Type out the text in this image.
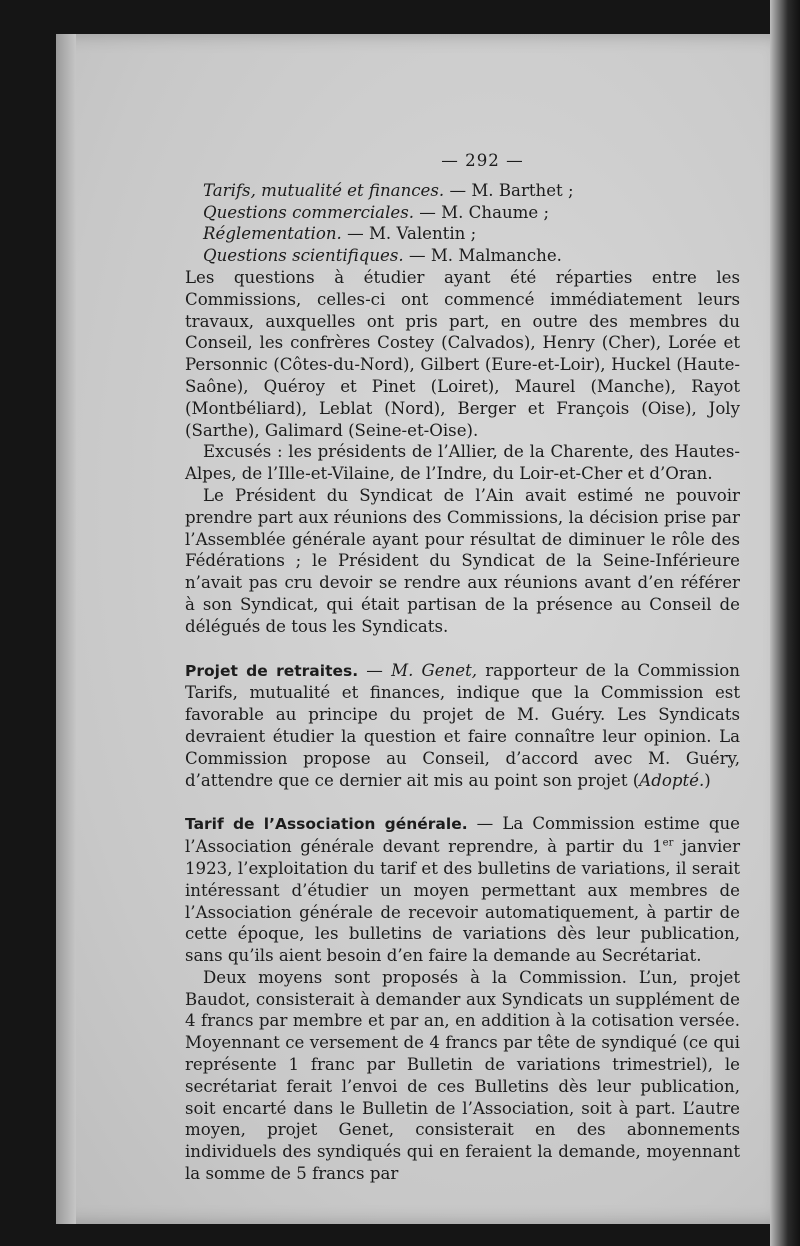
— 292 —

Tarifs, mutualité et finances. — M. Barthet ;

Questions commerciales. — M. Chaume ;

Réglementation. — M. Valentin ;

Questions scientifiques. — M. Malmanche.

Les questions à étudier ayant été réparties entre les Commissions, celles-ci ont commencé immédiatement leurs travaux, auxquelles ont pris part, en outre des membres du Conseil, les confrères Costey (Calvados), Henry (Cher), Lorée et Personnic (Côtes-du-Nord), Gilbert (Eure-et-Loir), Huckel (Haute-Saône), Quéroy et Pinet (Loiret), Maurel (Manche), Rayot (Montbéliard), Leblat (Nord), Berger et François (Oise), Joly (Sarthe), Galimard (Seine-et-Oise).

Excusés : les présidents de l’Allier, de la Charente, des Hautes-Alpes, de l’Ille-et-Vilaine, de l’Indre, du Loir-et-Cher et d’Oran.

Le Président du Syndicat de l’Ain avait estimé ne pouvoir prendre part aux réunions des Commissions, la décision prise par l’Assemblée générale ayant pour résultat de diminuer le rôle des Fédérations ; le Président du Syndicat de la Seine-Inférieure n’avait pas cru devoir se rendre aux réunions avant d’en référer à son Syndicat, qui était partisan de la présence au Conseil de délégués de tous les Syndicats.

Projet de retraites. — M. Genet, rapporteur de la Commission Tarifs, mutualité et finances, indique que la Commission est favorable au principe du projet de M. Guéry. Les Syndicats devraient étudier la question et faire connaître leur opinion. La Commission propose au Conseil, d’accord avec M. Guéry, d’attendre que ce dernier ait mis au point son projet (Adopté.)

Tarif de l’Association générale. — La Commission estime que l’Association générale devant reprendre, à partir du 1er janvier 1923, l’exploitation du tarif et des bulletins de variations, il serait intéressant d’étudier un moyen permettant aux membres de l’Association générale de recevoir automatiquement, à partir de cette époque, les bulletins de variations dès leur publication, sans qu’ils aient besoin d’en faire la demande au Secrétariat.

Deux moyens sont proposés à la Commission. L’un, projet Baudot, consisterait à demander aux Syndicats un supplément de 4 francs par membre et par an, en addition à la cotisation versée. Moyennant ce versement de 4 francs par tête de syndiqué (ce qui représente 1 franc par Bulletin de variations trimestriel), le secrétariat ferait l’envoi de ces Bulletins dès leur publication, soit encarté dans le Bulletin de l’Association, soit à part. L’autre moyen, projet Genet, consisterait en des abonnements individuels des syndiqués qui en feraient la demande, moyennant la somme de 5 francs par
